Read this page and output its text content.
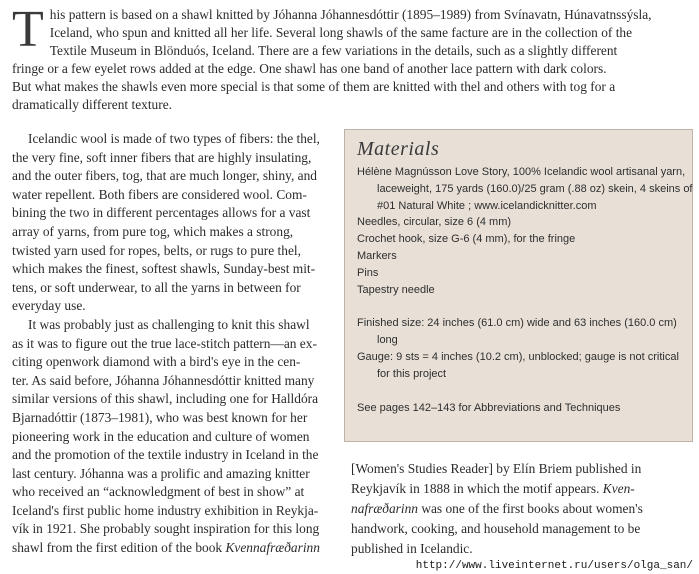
T his pattern is based on a shawl knitted by Jóhanna Jóhannesdóttir (1895–1989) from Svínavatn, Húnavatnssýsla,
Iceland, who spun and knitted all her life. Several long shawls of the same facture are in the collection of the
Textile Museum in Blönduós, Iceland. There are a few variations in the details, such as a slightly different
fringe or a few eyelet rows added at the edge. One shawl has one band of another lace pattern with dark colors.
But what makes the shawls even more special is that some of them are knitted with thel and others with tog for a
dramatically different texture.
Icelandic wool is made of two types of fibers: the thel,
the very fine, soft inner fibers that are highly insulating,
and the outer fibers, tog, that are much longer, shiny, and
water repellent. Both fibers are considered wool. Com-
bining the two in different percentages allows for a vast
array of yarns, from pure tog, which makes a strong,
twisted yarn used for ropes, belts, or rugs to pure thel,
which makes the finest, softest shawls, Sunday-best mit-
tens, or soft underwear, to all the yarns in between for
everyday use.
It was probably just as challenging to knit this shawl
as it was to figure out the true lace-stitch pattern—an ex-
citing openwork diamond with a bird's eye in the cen-
ter. As said before, Jóhanna Jóhannesdóttir knitted many
similar versions of this shawl, including one for Halldóra
Bjarnadóttir (1873–1981), who was best known for her
pioneering work in the education and culture of women
and the promotion of the textile industry in Iceland in the
last century. Jóhanna was a prolific and amazing knitter
who received an “acknowledgment of best in show” at
Iceland's first public home industry exhibition in Reykja-
vík in 1921. She probably sought inspiration for this long
shawl from the first edition of the book Kvennafræðarinn
Materials
Hélène Magnússon Love Story, 100% Icelandic wool artisanal yarn,
laceweight, 175 yards (160.0)/25 gram (.88 oz) skein, 4 skeins of
#01 Natural White ; www.icelandicknitter.com
Needles, circular, size 6 (4 mm)
Crochet hook, size G-6 (4 mm), for the fringe
Markers
Pins
Tapestry needle
Finished size: 24 inches (61.0 cm) wide and 63 inches (160.0 cm)
long
Gauge: 9 sts = 4 inches (10.2 cm), unblocked; gauge is not critical
for this project
See pages 142–143 for Abbreviations and Techniques
[Women's Studies Reader] by Elín Briem published in
Reykjavík in 1888 in which the motif appears. Kven-
nafræðarinn was one of the first books about women's
handwork, cooking, and household management to be
published in Icelandic.
http://www.liveinternet.ru/users/olga_san/
